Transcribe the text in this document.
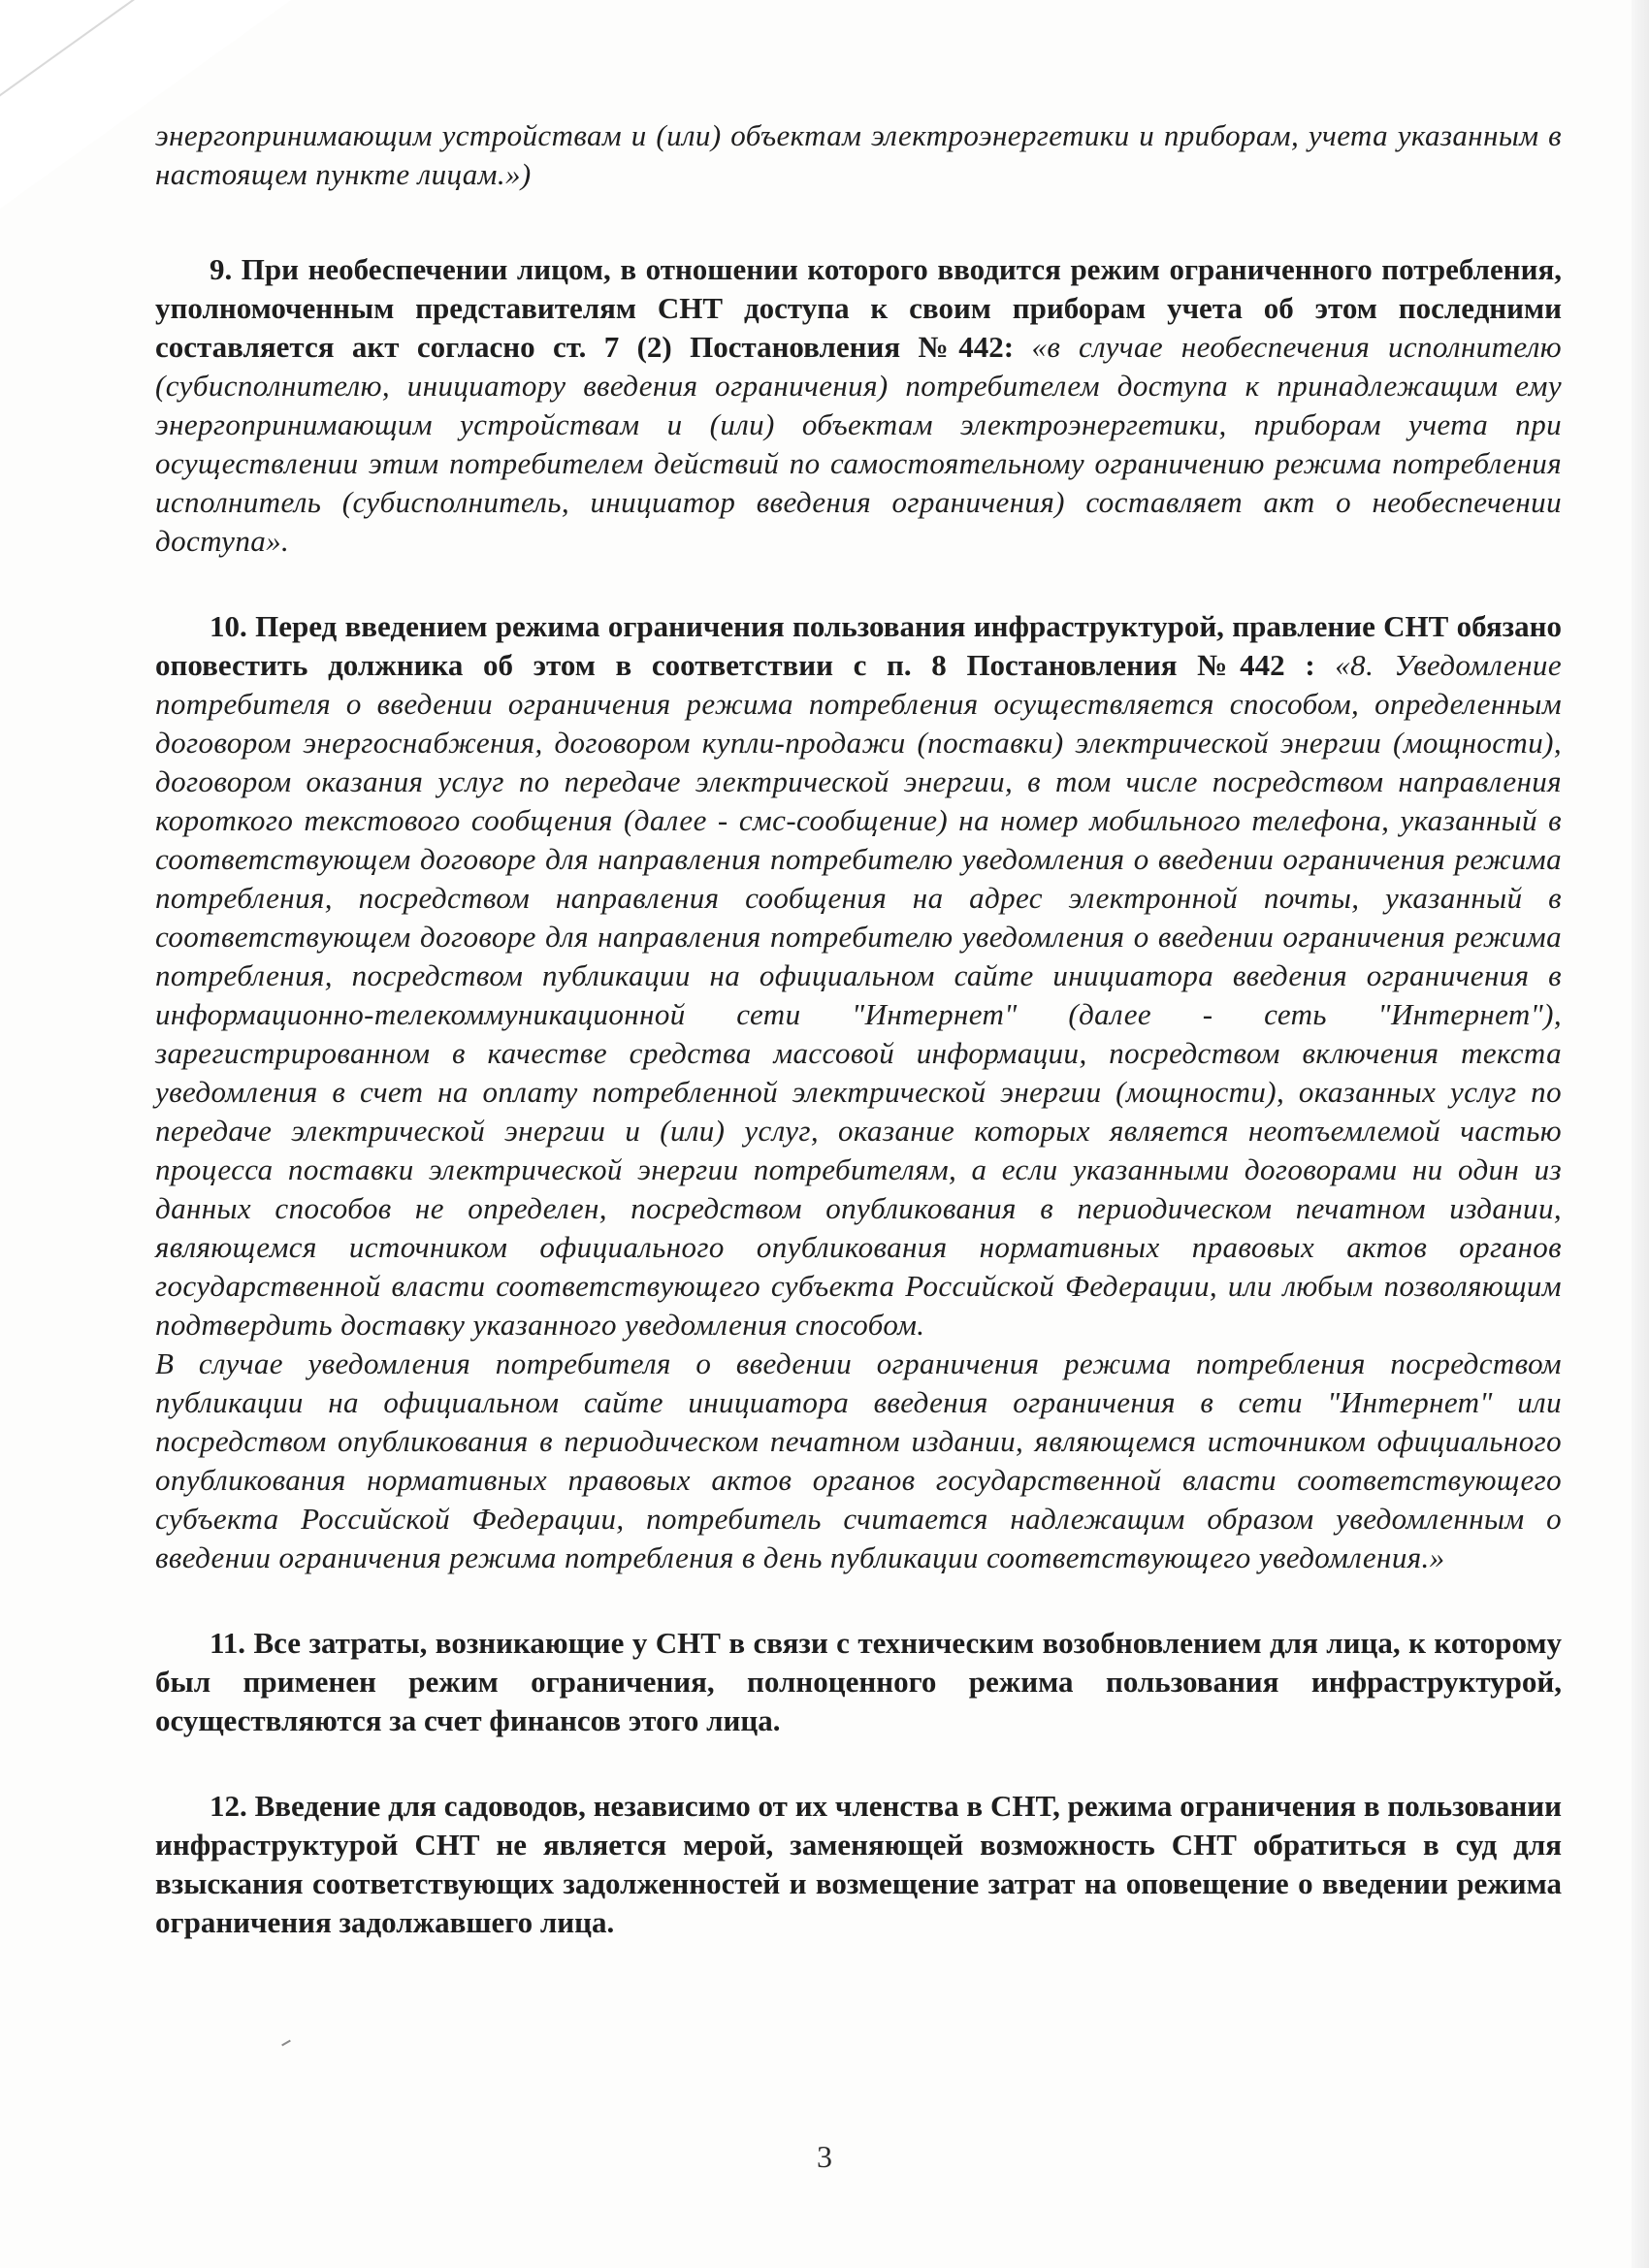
энергопринимающим устройствам и (или) объектам электроэнергетики и приборам, учета указанным в настоящем пункте лицам.»)

9. При необеспечении лицом, в отношении которого вводится режим ограниченного потребления, уполномоченным представителям СНТ доступа к своим приборам учета об этом последними составляется акт согласно ст. 7 (2) Постановления №442: «в случае необеспечения исполнителю (субисполнителю, инициатору введения ограничения) потребителем доступа к принадлежащим ему энергопринимающим устройствам и (или) объектам электроэнергетики, приборам учета при осуществлении этим потребителем действий по самостоятельному ограничению режима потребления исполнитель (субисполнитель, инициатор введения ограничения) составляет акт о необеспечении доступа».

10. Перед введением режима ограничения пользования инфраструктурой, правление СНТ обязано оповестить должника об этом в соответствии с п. 8 Постановления №442 : «8. Уведомление потребителя о введении ограничения режима потребления осуществляется способом, определенным договором энергоснабжения, договором купли-продажи (поставки) электрической энергии (мощности), договором оказания услуг по передаче электрической энергии, в том числе посредством направления короткого текстового сообщения (далее - смс-сообщение) на номер мобильного телефона, указанный в соответствующем договоре для направления потребителю уведомления о введении ограничения режима потребления, посредством направления сообщения на адрес электронной почты, указанный в соответствующем договоре для направления потребителю уведомления о введении ограничения режима потребления, посредством публикации на официальном сайте инициатора введения ограничения в информационно-телекоммуникационной сети "Интернет" (далее - сеть "Интернет"), зарегистрированном в качестве средства массовой информации, посредством включения текста уведомления в счет на оплату потребленной электрической энергии (мощности), оказанных услуг по передаче электрической энергии и (или) услуг, оказание которых является неотъемлемой частью процесса поставки электрической энергии потребителям, а если указанными договорами ни один из данных способов не определен, посредством опубликования в периодическом печатном издании, являющемся источником официального опубликования нормативных правовых актов органов государственной власти соответствующего субъекта Российской Федерации, или любым позволяющим подтвердить доставку указанного уведомления способом.

В случае уведомления потребителя о введении ограничения режима потребления посредством публикации на официальном сайте инициатора введения ограничения в сети "Интернет" или посредством опубликования в периодическом печатном издании, являющемся источником официального опубликования нормативных правовых актов органов государственной власти соответствующего субъекта Российской Федерации, потребитель считается надлежащим образом уведомленным о введении ограничения режима потребления в день публикации соответствующего уведомления.»

11. Все затраты, возникающие у СНТ в связи с техническим возобновлением для лица, к которому был применен режим ограничения, полноценного режима пользования инфраструктурой, осуществляются за счет финансов этого лица.

12. Введение для садоводов, независимо от их членства в СНТ, режима ограничения в пользовании инфраструктурой СНТ не является мерой, заменяющей возможность СНТ обратиться в суд для взыскания соответствующих задолженностей и возмещение затрат на оповещение о введении режима ограничения задолжавшего лица.

3
